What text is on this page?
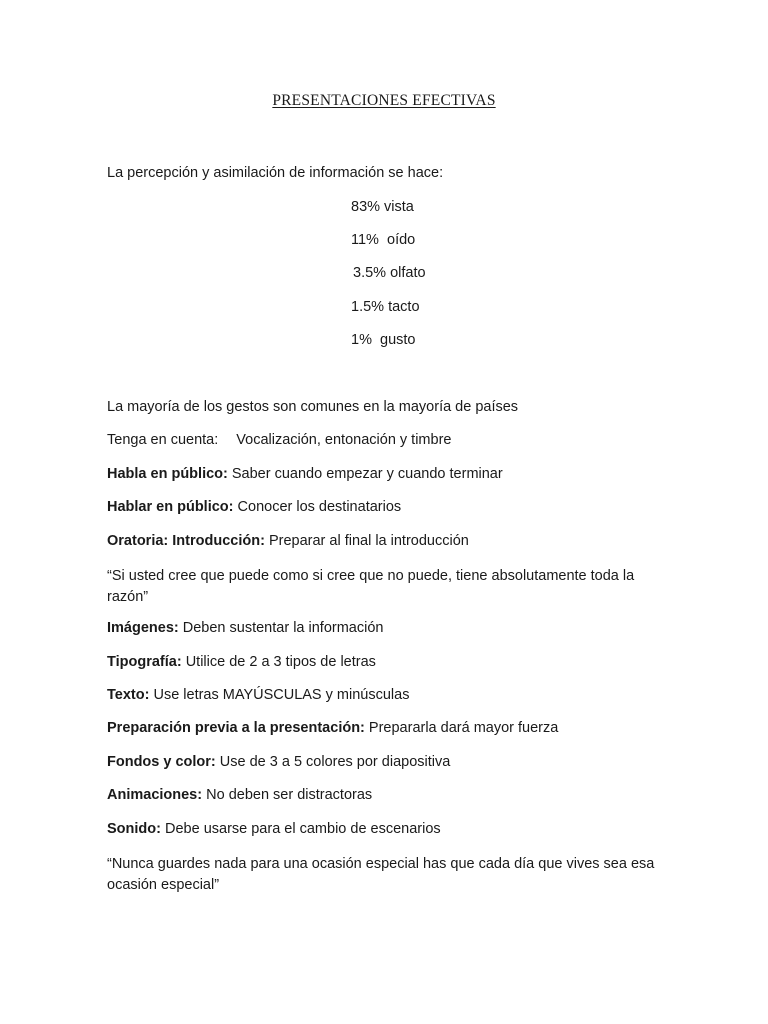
PRESENTACIONES EFECTIVAS
La percepción y asimilación de información se hace:
83% vista
11%  oído
3.5% olfato
1.5% tacto
1%  gusto
La mayoría de los gestos son comunes en la mayoría de países
Tenga en cuenta: Vocalización, entonación y timbre
Habla en público: Saber cuando empezar y cuando terminar
Hablar en público: Conocer los destinatarios
Oratoria: Introducción: Preparar al final la introducción
“Si usted cree que puede como si cree que no puede, tiene absolutamente toda la razón”
Imágenes: Deben sustentar la información
Tipografía: Utilice de 2 a 3 tipos de letras
Texto: Use letras MAYÚSCULAS y minúsculas
Preparación previa a la presentación: Prepararla dará mayor fuerza
Fondos y color: Use de 3 a 5 colores por diapositiva
Animaciones: No deben ser distractoras
Sonido: Debe usarse para el cambio de escenarios
“Nunca guardes nada para una ocasión especial has que cada día que vives sea esa ocasión especial”
